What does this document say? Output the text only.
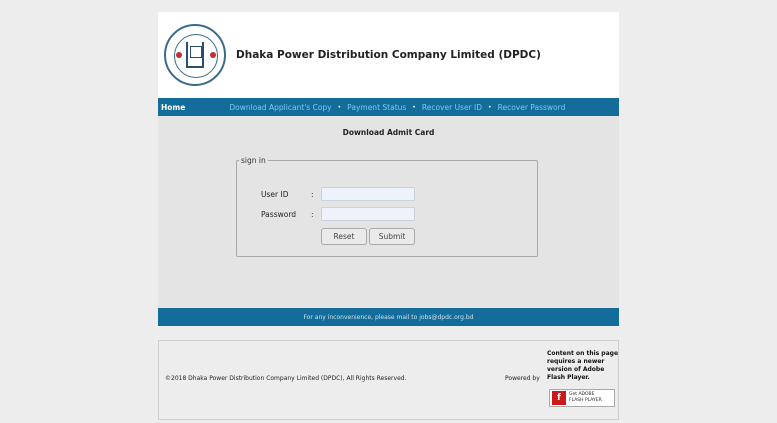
Dhaka Power Distribution Company Limited (DPDC)
Home	Download Applicant's Copy • Payment Status • Recover User ID • Recover Password
Download Admit Card
sign in
User ID	:
Password	:
Reset	Submit
For any inconvenience, please mail to jobs@dpdc.org.bd
©2018 Dhaka Power Distribution Company Limited (DPDC), All Rights Reserved.	Powered by
Content on this page requires a newer version of Adobe Flash Player.
f	Get ADOBE
FLASH PLAYER
